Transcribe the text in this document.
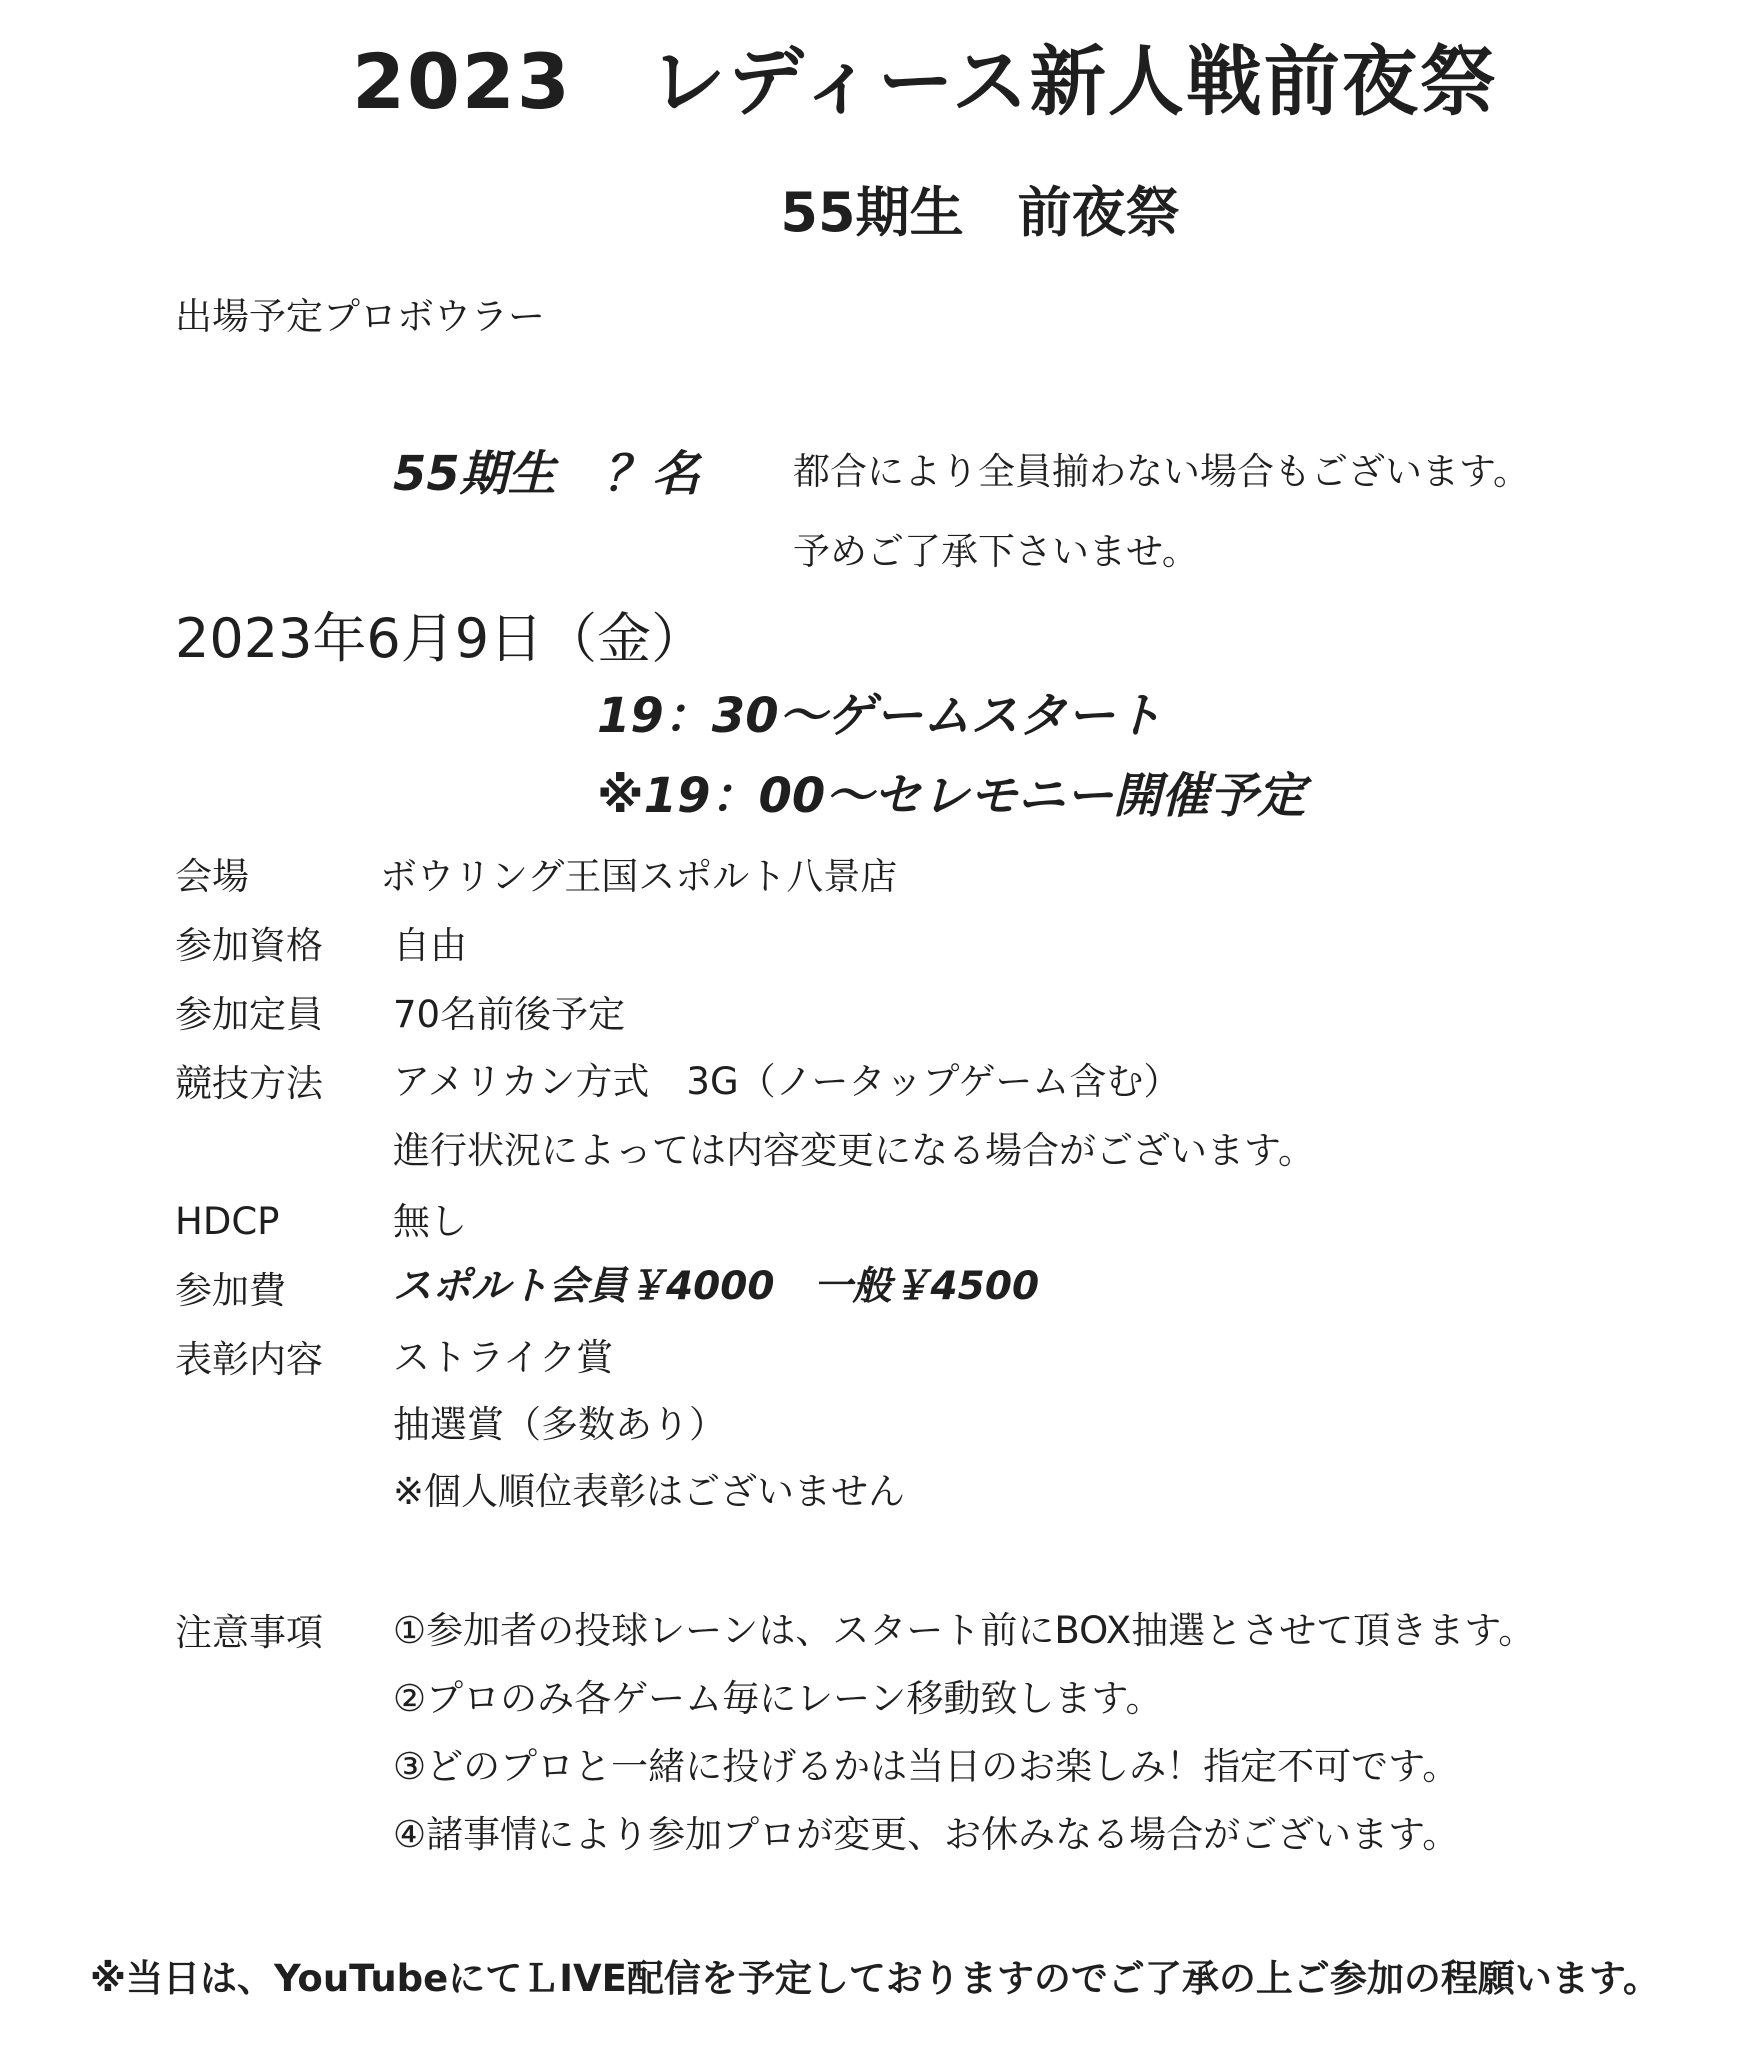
2023　レディース新人戦前夜祭
55期生　前夜祭
出場予定プロボウラー
55期生　？名	都合により全員揃わない場合もございます。
予めご了承下さいませ。
2023年6月9日（金）
19：30～ゲームスタート
※19：00～セレモニー開催予定
会場	ボウリング王国スポルト八景店
参加資格 自由
参加定員 70名前後予定
競技方法 アメリカン方式　3G（ノータップゲーム含む）
進行状況によっては内容変更になる場合がございます。
HDCP	無し
参加費	スポルト会員￥4000　一般￥4500
表彰内容 ストライク賞
抽選賞（多数あり）
※個人順位表彰はございません
注意事項 ①参加者の投球レーンは、スタート前にBOX抽選とさせて頂きます。
②プロのみ各ゲーム毎にレーン移動致します。
③どのプロと一緒に投げるかは当日のお楽しみ！指定不可です。
④諸事情により参加プロが変更、お休みなる場合がございます。
※当日は、YouTubeにてＬIVE配信を予定しておりますのでご了承の上ご参加の程願います。
